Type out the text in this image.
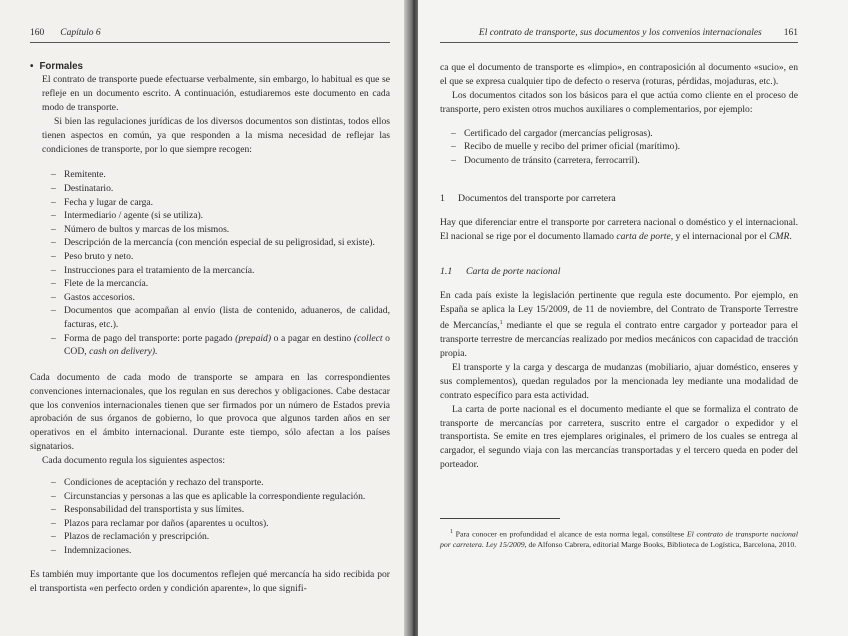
160 Capítulo 6
• Formales

El contrato de transporte puede efectuarse verbalmente, sin embargo, lo habitual es que se refleje en un documento escrito. A continuación, estudiaremos este documento en cada modo de transporte.

Si bien las regulaciones jurídicas de los diversos documentos son distintas, todos ellos tienen aspectos en común, ya que responden a la misma necesidad de reflejar las condiciones de transporte, por lo que siempre recogen:

– Remitente.
– Destinatario.
– Fecha y lugar de carga.
– Intermediario / agente (si se utiliza).
– Número de bultos y marcas de los mismos.
– Descripción de la mercancía (con mención especial de su peligrosidad, si existe).
– Peso bruto y neto.
– Instrucciones para el tratamiento de la mercancía.
– Flete de la mercancía.
– Gastos accesorios.
– Documentos que acompañan al envío (lista de contenido, aduaneros, de calidad, facturas, etc.).
– Forma de pago del transporte: porte pagado (prepaid) o a pagar en destino (collect o COD, cash on delivery).

Cada documento de cada modo de transporte se ampara en las correspondientes convenciones internacionales, que los regulan en sus derechos y obligaciones. Cabe destacar que los convenios internacionales tienen que ser firmados por un número de Estados previa aprobación de sus órganos de gobierno, lo que provoca que algunos tarden años en ser operativos en el ámbito internacional. Durante este tiempo, sólo afectan a los países signatarios.

Cada documento regula los siguientes aspectos:

– Condiciones de aceptación y rechazo del transporte.
– Circunstancias y personas a las que es aplicable la correspondiente regulación.
– Responsabilidad del transportista y sus límites.
– Plazos para reclamar por daños (aparentes u ocultos).
– Plazos de reclamación y prescripción.
– Indemnizaciones.

Es también muy importante que los documentos reflejen qué mercancía ha sido recibida por el transportista «en perfecto orden y condición aparente», lo que signifi-

El contrato de transporte, sus documentos y los convenios internacionales 161

ca que el documento de transporte es «limpio», en contraposición al documento «sucio», en el que se expresa cualquier tipo de defecto o reserva (roturas, pérdidas, mojaduras, etc.).

Los documentos citados son los básicos para el que actúa como cliente en el proceso de transporte, pero existen otros muchos auxiliares o complementarios, por ejemplo:

– Certificado del cargador (mercancías peligrosas).
– Recibo de muelle y recibo del primer oficial (marítimo).
– Documento de tránsito (carretera, ferrocarril).
1	Documentos del transporte por carretera

Hay que diferenciar entre el transporte por carretera nacional o doméstico y el internacional. El nacional se rige por el documento llamado carta de porte, y el internacional por el CMR.

1.1	Carta de porte nacional

En cada país existe la legislación pertinente que regula este documento. Por ejemplo, en España se aplica la Ley 15/2009, de 11 de noviembre, del Contrato de Transporte Terrestre de Mercancías,$^1$ mediante el que se regula el contrato entre cargador y porteador para el transporte terrestre de mercancías realizado por medios mecánicos con capacidad de tracción propia.

El transporte y la carga y descarga de mudanzas (mobiliario, ajuar doméstico, enseres y sus complementos), quedan regulados por la mencionada ley mediante una modalidad de contrato específico para esta actividad.

La carta de porte nacional es el documento mediante el que se formaliza el contrato de transporte de mercancías por carretera, suscrito entre el cargador o expedidor y el transportista. Se emite en tres ejemplares originales, el primero de los cuales se entrega al cargador, el segundo viaja con las mercancías transportadas y el tercero queda en poder del porteador.

$^1$ Para conocer en profundidad el alcance de esta norma legal, consúltese El contrato de transporte nacional por carretera. Ley 15/2009, de Alfonso Cabrera, editorial Marge Books, Biblioteca de Logística, Barcelona, 2010.
